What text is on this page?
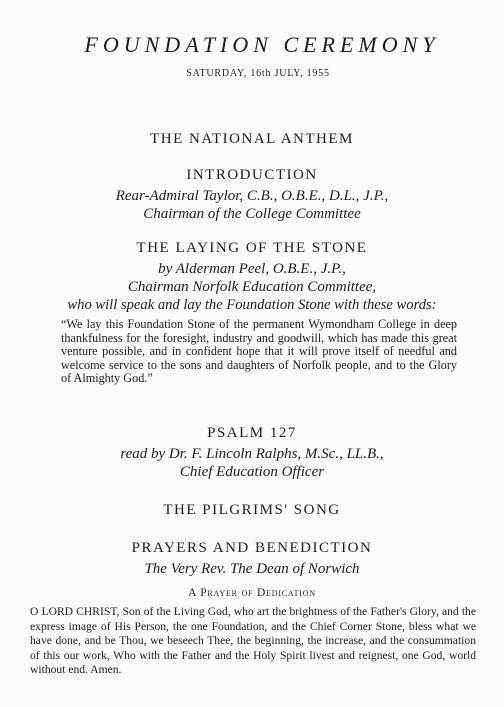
FOUNDATION CEREMONY
SATURDAY, 16th JULY, 1955
THE NATIONAL ANTHEM
INTRODUCTION
Rear-Admiral Taylor, C.B., O.B.E., D.L., J.P.,
Chairman of the College Committee
THE LAYING OF THE STONE
by Alderman Peel, O.B.E., J.P.,
Chairman Norfolk Education Committee,
who will speak and lay the Foundation Stone with these words:
“We lay this Foundation Stone of the permanent Wymondham College in deep thankfulness for the foresight, industry and goodwill, which has made this great venture possible, and in confident hope that it will prove itself of needful and welcome service to the sons and daughters of Norfolk people, and to the Glory of Almighty God.”
PSALM 127
read by Dr. F. Lincoln Ralphs, M.Sc., LL.B.,
Chief Education Officer
THE PILGRIMS' SONG
PRAYERS AND BENEDICTION
The Very Rev. The Dean of Norwich
A Prayer of Dedication
O LORD CHRIST, Son of the Living God, who art the brightness of the Father's Glory, and the express image of His Person, the one Foundation, and the Chief Corner Stone, bless what we have done, and be Thou, we beseech Thee, the beginning, the increase, and the consummation of this our work, Who with the Father and the Holy Spirit livest and reignest, one God, world without end. Amen.
